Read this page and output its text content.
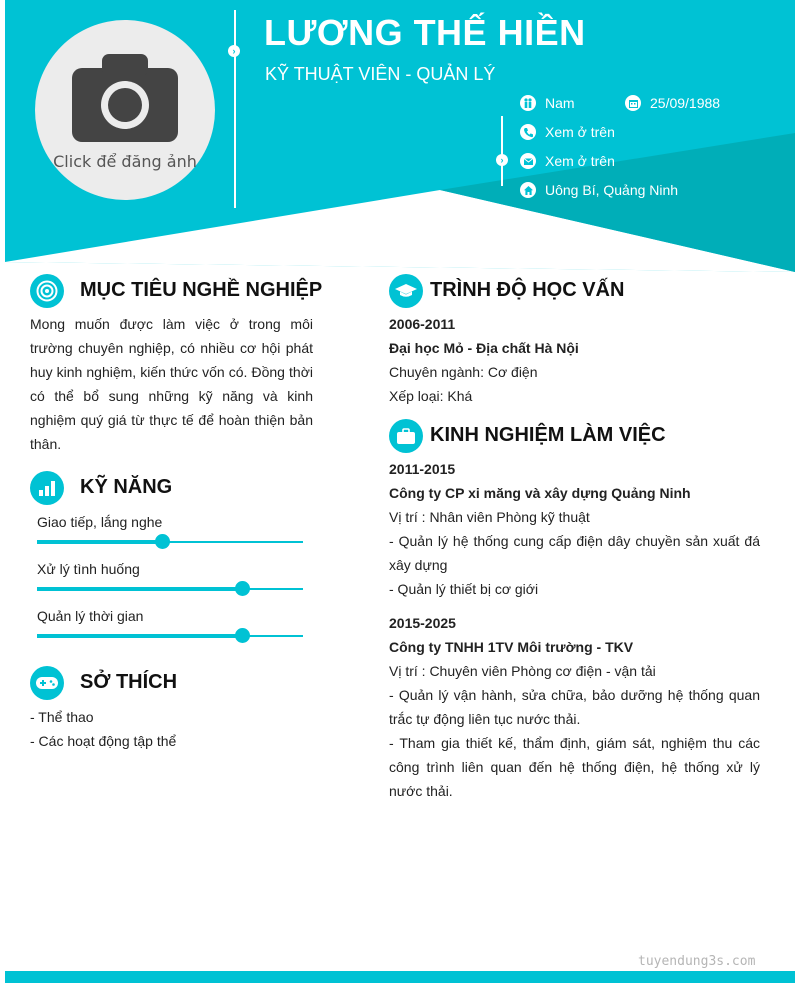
Click để đăng ảnh
›
›
LƯƠNG THẾ HIỀN
KỸ THUẬT VIÊN - QUẢN LÝ
Nam	25/09/1988
Xem ở trên
Xem ở trên
Uông Bí, Quảng Ninh
MỤC TIÊU NGHỀ NGHIỆP
Mong muốn được làm việc ở trong môi trường chuyên nghiệp, có nhiều cơ hội phát huy kinh nghiệm, kiến thức vốn có. Đồng thời có thể bổ sung những kỹ năng và kinh nghiệm quý giá từ thực tế để hoàn thiện bản thân.
KỸ NĂNG
Giao tiếp, lắng nghe
Xử lý tình huống
Quản lý thời gian
SỞ THÍCH
- Thể thao
- Các hoạt động tập thể
TRÌNH ĐỘ HỌC VẤN
2006-2011
Đại học Mỏ - Địa chất Hà Nội
Chuyên ngành: Cơ điện
Xếp loại: Khá
KINH NGHIỆM LÀM VIỆC
2011-2015
Công ty CP xi măng và xây dựng Quảng Ninh
Vị trí : Nhân viên Phòng kỹ thuật
- Quản lý hệ thống cung cấp điện dây chuyền sản xuất đá xây dựng
- Quản lý thiết bị cơ giới
2015-2025
Công ty TNHH 1TV Môi trường - TKV
Vị trí : Chuyên viên Phòng cơ điện - vận tải
- Quản lý vận hành, sửa chữa, bảo dưỡng hệ thống quan trắc tự động liên tục nước thải.
- Tham gia thiết kế, thẩm định, giám sát, nghiệm thu các công trình liên quan đến hệ thống điện, hệ thống xử lý nước thải.
tuyendung3s.com
